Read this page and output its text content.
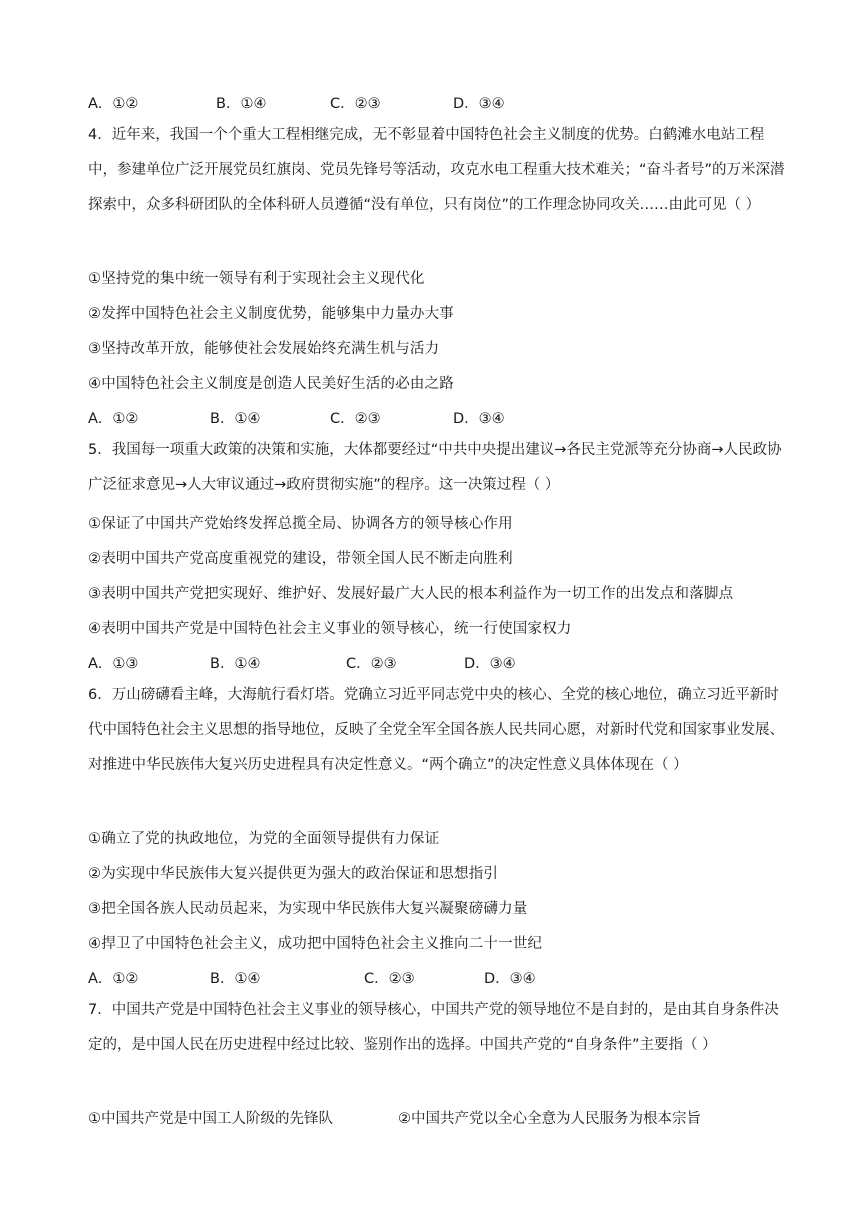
A．①②	B．①④	C．②③	D．③④
4．近年来，我国一个个重大工程相继完成，无不彰显着中国特色社会主义制度的优势。白鹤滩水电站工程中，参建单位广泛开展党员红旗岗、党员先锋号等活动，攻克水电工程重大技术难关；“奋斗者号”的万米深潜探索中，众多科研团队的全体科研人员遵循“没有单位，只有岗位”的工作理念协同攻关……由此可见（ ）
①坚持党的集中统一领导有利于实现社会主义现代化
②发挥中国特色社会主义制度优势，能够集中力量办大事
③坚持改革开放，能够使社会发展始终充满生机与活力
④中国特色社会主义制度是创造人民美好生活的必由之路
A．①②	B．①④	C．②③	D．③④
5．我国每一项重大政策的决策和实施，大体都要经过“中共中央提出建议→各民主党派等充分协商→人民政协广泛征求意见→人大审议通过→政府贯彻实施”的程序。这一决策过程（ ）
①保证了中国共产党始终发挥总揽全局、协调各方的领导核心作用
②表明中国共产党高度重视党的建设，带领全国人民不断走向胜利
③表明中国共产党把实现好、维护好、发展好最广大人民的根本利益作为一切工作的出发点和落脚点
④表明中国共产党是中国特色社会主义事业的领导核心，统一行使国家权力
A．①③	B．①④	C．②③	D．③④
6．万山磅礴看主峰，大海航行看灯塔。党确立习近平同志党中央的核心、全党的核心地位，确立习近平新时代中国特色社会主义思想的指导地位，反映了全党全军全国各族人民共同心愿，对新时代党和国家事业发展、对推进中华民族伟大复兴历史进程具有决定性意义。“两个确立”的决定性意义具体体现在（ ）
①确立了党的执政地位，为党的全面领导提供有力保证
②为实现中华民族伟大复兴提供更为强大的政治保证和思想指引
③把全国各族人民动员起来，为实现中华民族伟大复兴凝聚磅礴力量
④捍卫了中国特色社会主义，成功把中国特色社会主义推向二十一世纪
A．①②	B．①④	C．②③	D．③④
7．中国共产党是中国特色社会主义事业的领导核心，中国共产党的领导地位不是自封的，是由其自身条件决定的，是中国人民在历史进程中经过比较、鉴别作出的选择。中国共产党的“自身条件”主要指（ ）
①中国共产党是中国工人阶级的先锋队	②中国共产党以全心全意为人民服务为根本宗旨
